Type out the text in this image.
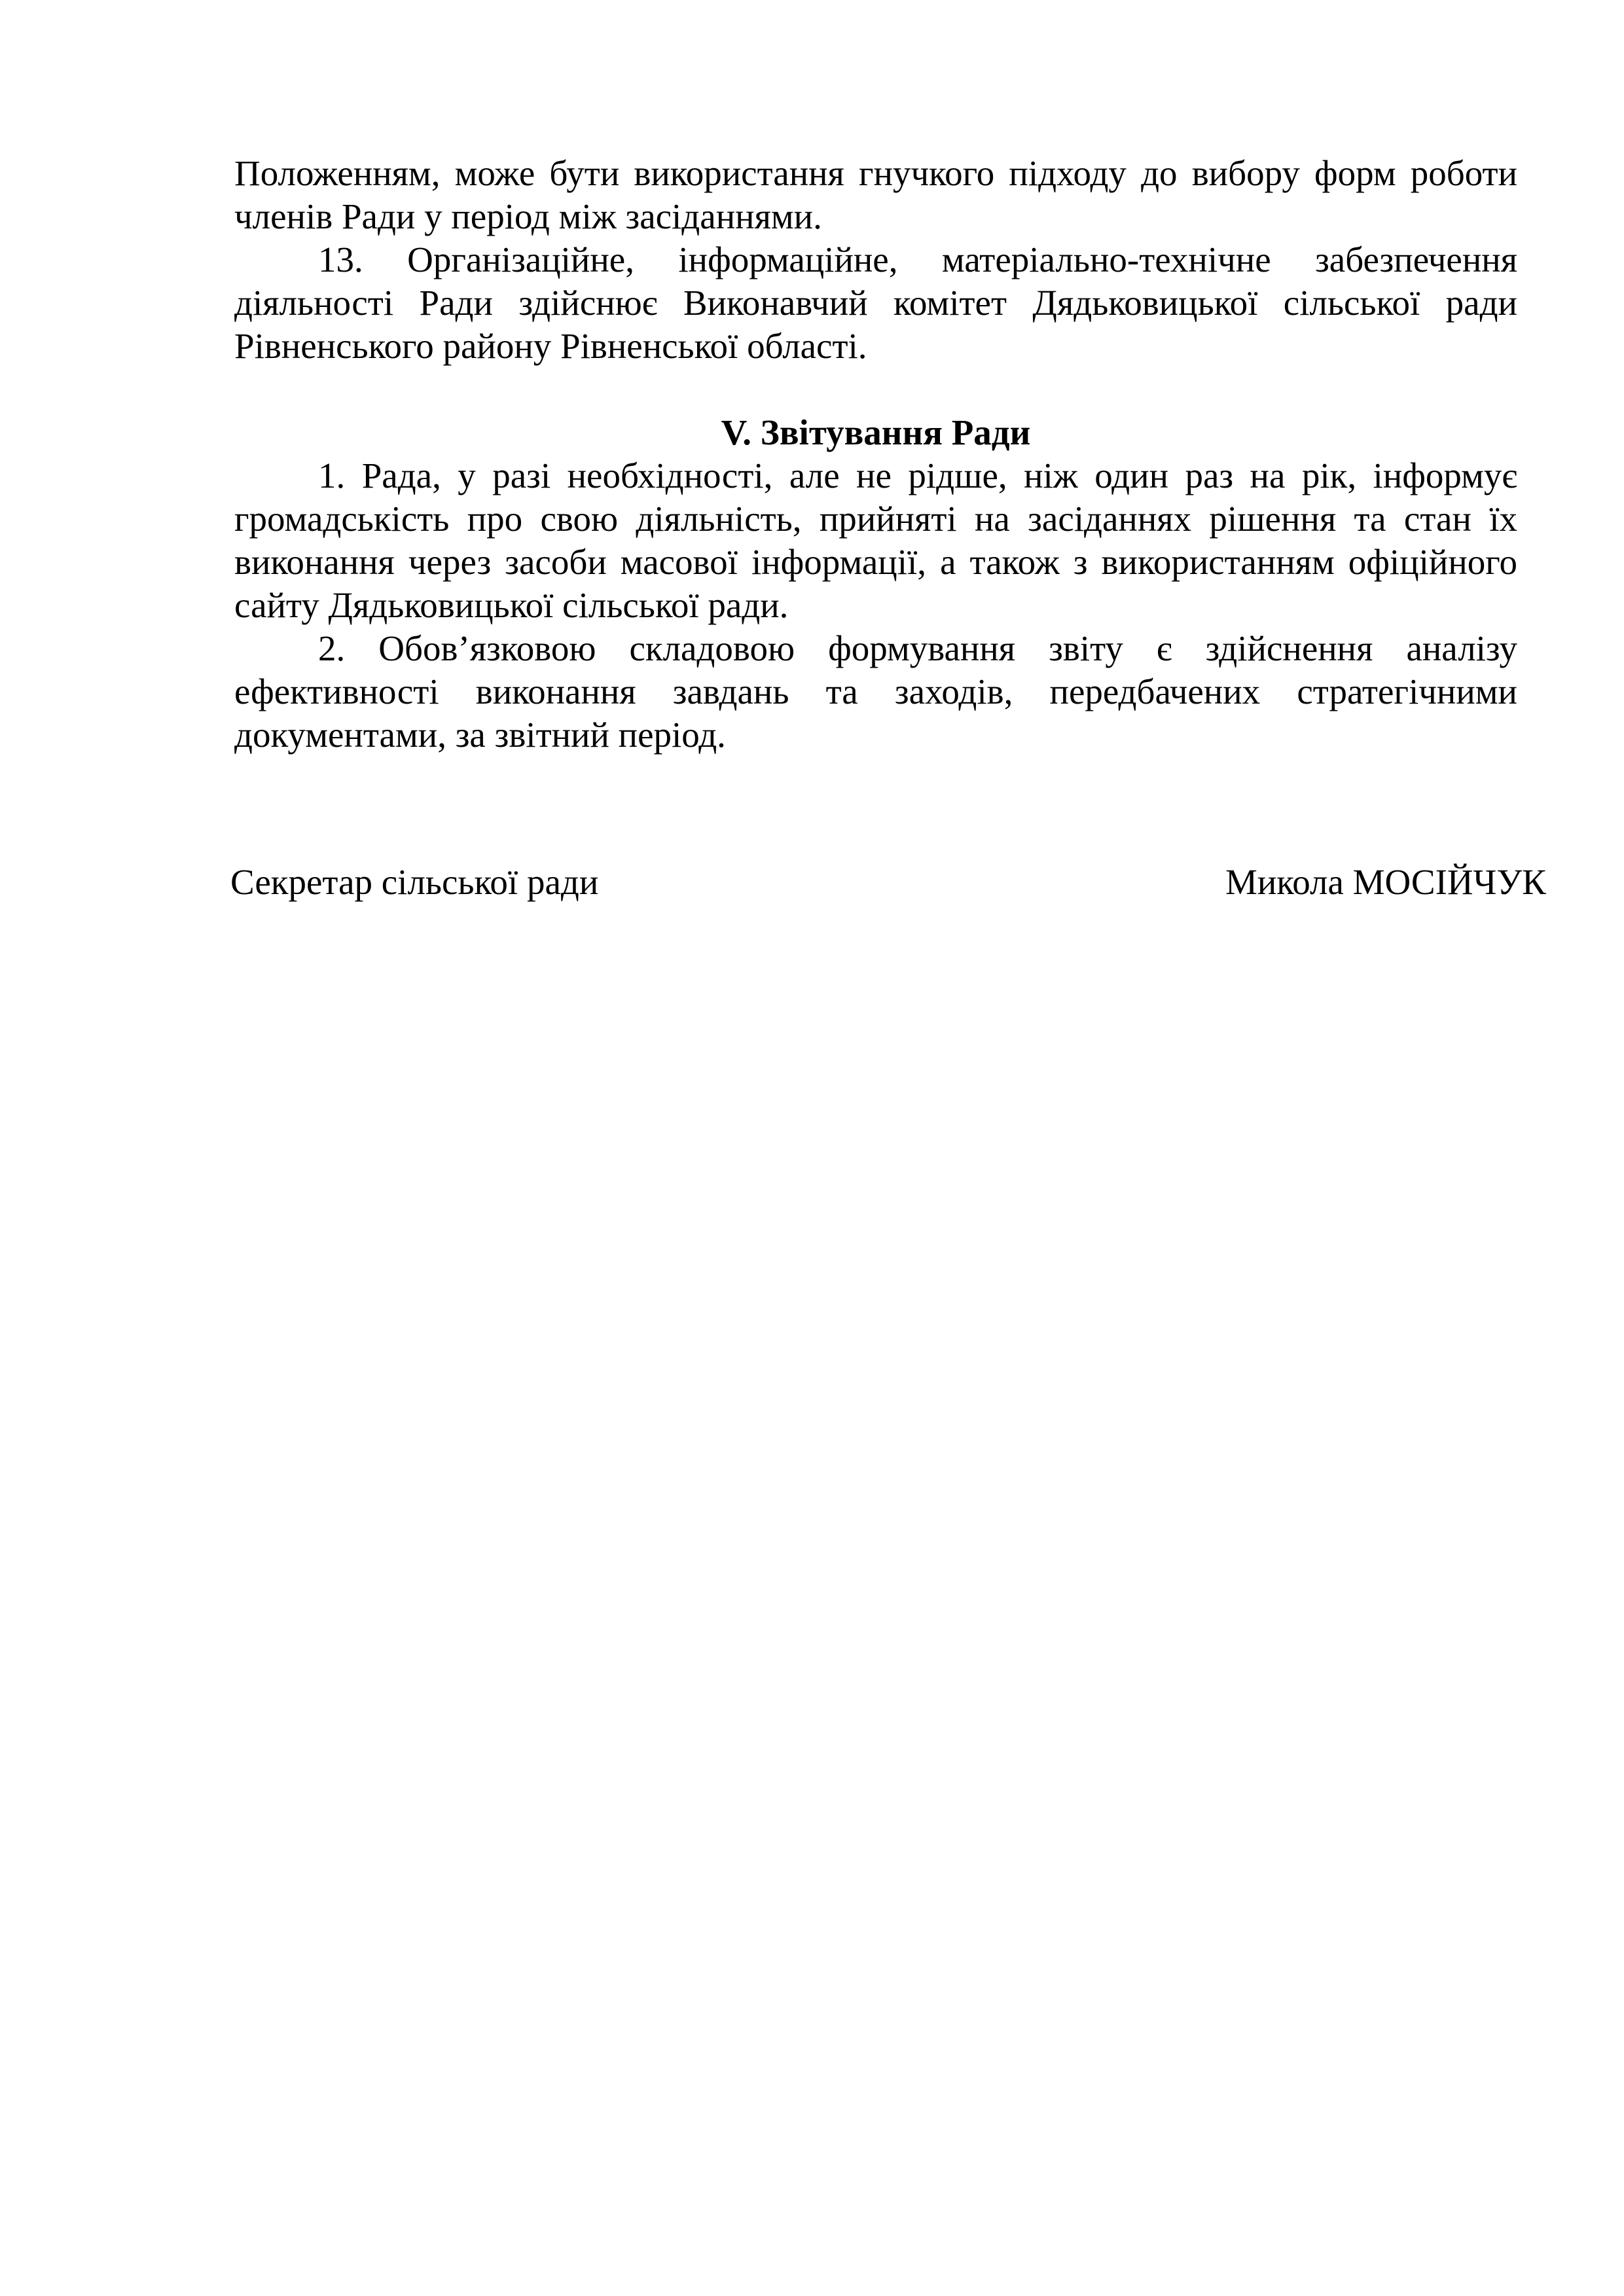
Положенням, може бути використання гнучкого підходу до вибору форм роботи членів Ради у період між засіданнями.

13. Організаційне, інформаційне, матеріально-технічне забезпечення діяльності Ради здійснює Виконавчий комітет Дядьковицької сільської ради Рівненського району Рівненської області.

V. Звітування Ради

1. Рада, у разі необхідності, але не рідше, ніж один раз на рік, інформує громадськість про свою діяльність, прийняті на засіданнях рішення та стан їх виконання через засоби масової інформації, а також з використанням офіційного сайту Дядьковицької сільської ради.

2. Обов’язковою складовою формування звіту є здійснення аналізу ефективності виконання завдань та заходів, передбачених стратегічними документами, за звітний період.

Секретар сільської ради	Микола МОСІЙЧУК
